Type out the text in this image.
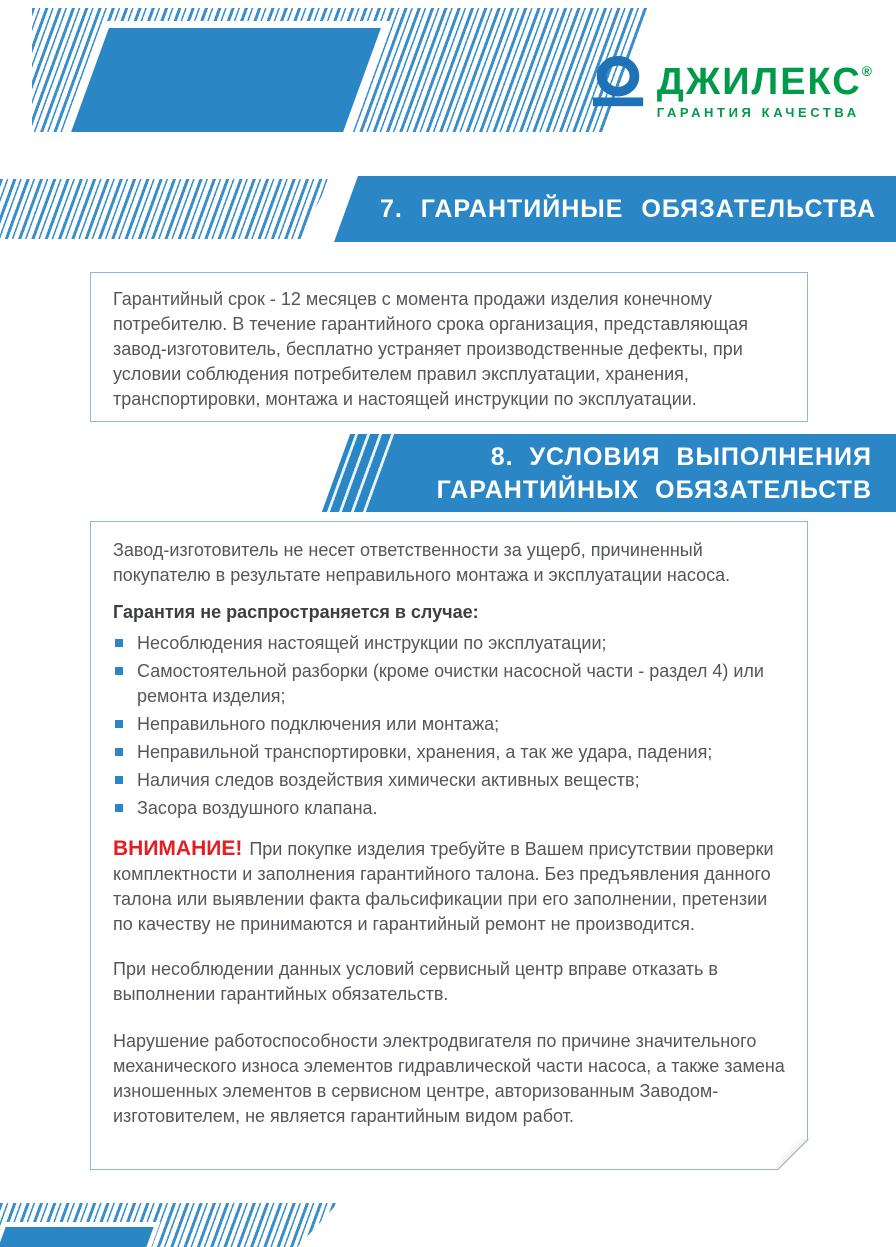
ДЖИЛЕКС®
ГАРАНТИЯ КАЧЕСТВА
7. ГАРАНТИЙНЫЕ ОБЯЗАТЕЛЬСТВА

Гарантийный срок - 12 месяцев с момента продажи изделия конечному потребителю. В течение гарантийного срока организация, представляющая завод-изготовитель, бесплатно устраняет производственные дефекты, при условии соблюдения потребителем правил эксплуатации, хранения, транспортировки, монтажа и настоящей инструкции по эксплуатации.

8. УСЛОВИЯ ВЫПОЛНЕНИЯ
ГАРАНТИЙНЫХ ОБЯЗАТЕЛЬСТВ

Завод-изготовитель не несет ответственности за ущерб, причиненный покупателю в результате неправильного монтажа и эксплуатации насоса.

Гарантия не распространяется в случае:

Несоблюдения настоящей инструкции по эксплуатации;
Самостоятельной разборки (кроме очистки насосной части - раздел 4) или ремонта изделия;
Неправильного подключения или монтажа;
Неправильной транспортировки, хранения, а так же удара, падения;
Наличия следов воздействия химически активных веществ;
Засора воздушного клапана.

ВНИМАНИЕ! При покупке изделия требуйте в Вашем присутствии проверки комплектности и заполнения гарантийного талона. Без предъявления данного талона или выявлении факта фальсификации при его заполнении, претензии по качеству не принимаются и гарантийный ремонт не производится.

При несоблюдении данных условий сервисный центр вправе отказать в выполнении гарантийных обязательств.

Нарушение работоспособности электродвигателя по причине значительного механического износа элементов гидравлической части насоса, а также замена изношенных элементов в сервисном центре, авторизованным Заводом-изготовителем, не является гарантийным видом работ.
